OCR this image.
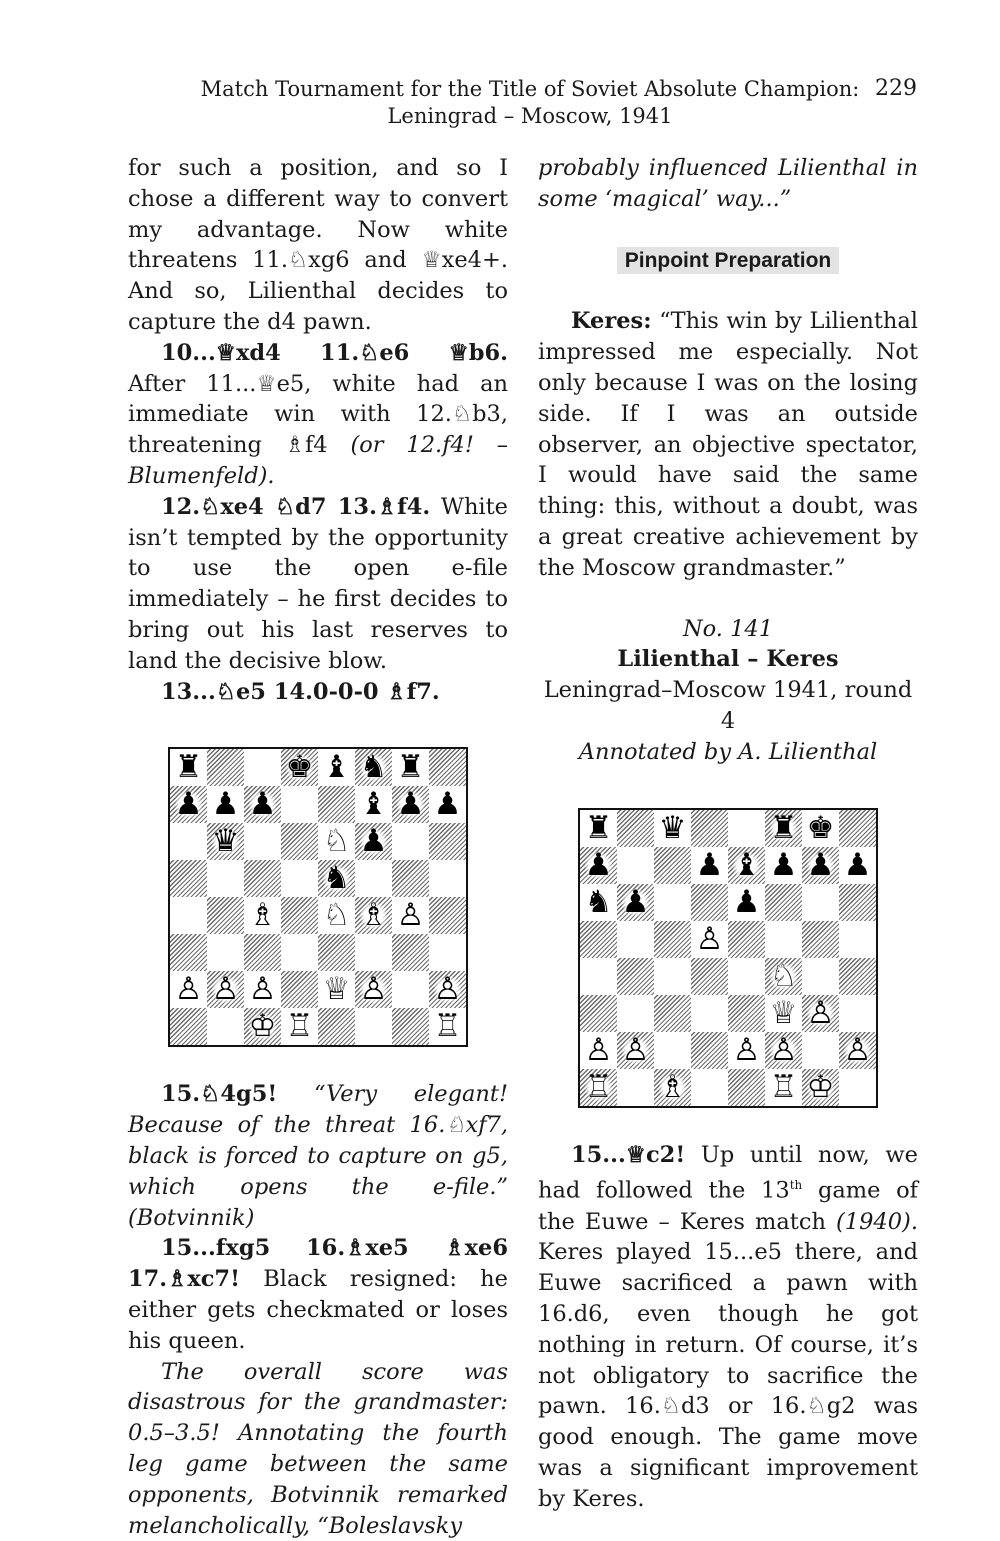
Match Tournament for the Title of Soviet Absolute Champion:
Leningrad – Moscow, 1941
229

for such a position, and so I chose a different way to convert my advantage. Now white threatens 11.♘xg6 and ♕xe4+. And so, Lilienthal decides to capture the d4 pawn.

10...♕xd4 11.♘e6 ♕b6. After 11...♕e5, white had an immediate win with 12.♘b3, threatening ♗f4 (or 12.f4! – Blumenfeld).

12.♘xe4 ♘d7 13.♗f4. White isn’t tempted by the opportunity to use the open e-file immediately – he first decides to bring out his last reserves to land the decisive blow.

13...♘e5 14.0-0-0 ♗f7.

♜	♚ ♝ ♞ ♜
♟ ♟ ♟	♝ ♟ ♟
♛	♘ ♟
♞
♗ ♘ ♗ ♙
♙ ♙ ♙ ♕ ♙ ♙
♔ ♖	♖

15.♘4g5! “Very elegant! Because of the threat 16.♘xf7, black is forced to capture on g5, which opens the e-file.” (Botvinnik)

15...fxg5 16.♗xe5 ♗xe6 17.♗xc7! Black resigned: he either gets checkmated or loses his queen.

The overall score was disastrous for the grandmaster: 0.5–3.5! Annotating the fourth leg game between the same opponents, Botvinnik remarked melancholically, “Boleslavsky

probably influenced Lilienthal in some ‘magical’ way...”

Pinpoint Preparation

Keres: “This win by Lilienthal impressed me especially. Not only because I was on the losing side. If I was an outside observer, an objective spectator, I would have said the same thing: this, without a doubt, was a great creative achievement by the Moscow grandmaster.”

No. 141

Lilienthal – Keres

Leningrad–Moscow 1941, round 4

Annotated by A. Lilienthal

♜ ♛	♜ ♚
♟	♟ ♝ ♟ ♟ ♟
♞ ♟	♟
♙
♘
♕ ♙
♙ ♙	♙ ♙ ♙
♖ ♗	♖ ♔

15...♕c2! Up until now, we had followed the 13th game of the Euwe – Keres match (1940). Keres played 15...e5 there, and Euwe sacrificed a pawn with 16.d6, even though he got nothing in return. Of course, it’s not obligatory to sacrifice the pawn. 16.♘d3 or 16.♘g2 was good enough. The game move was a significant improvement by Keres.
